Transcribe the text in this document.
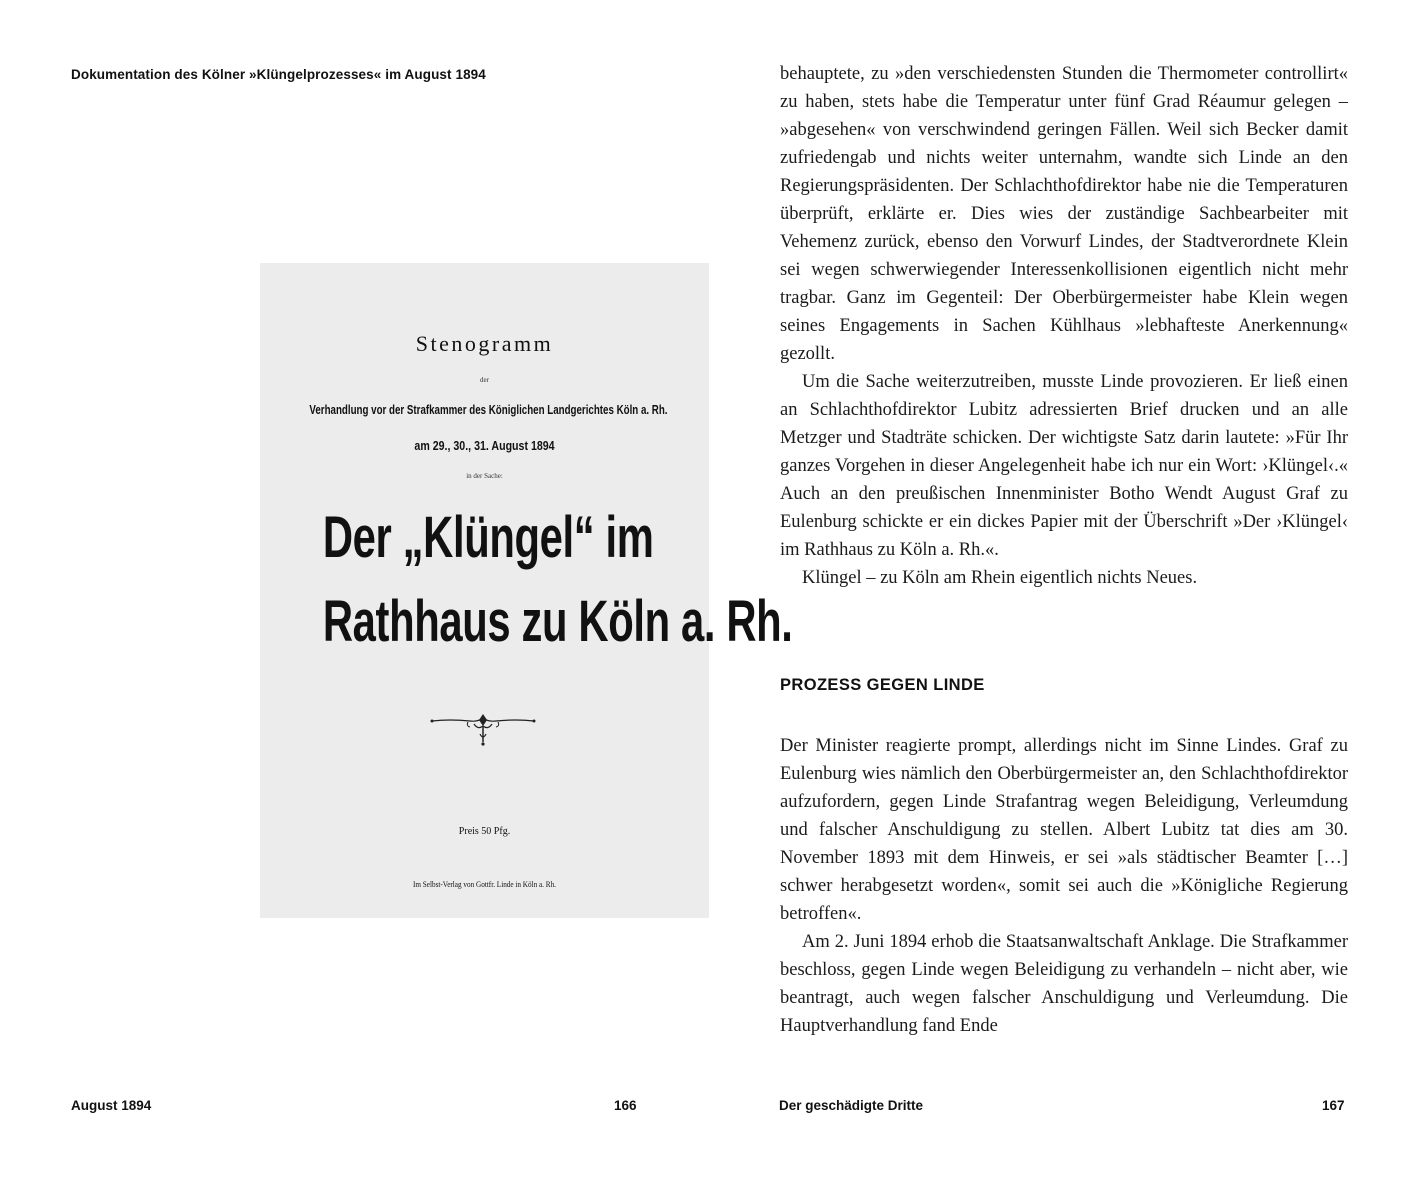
Dokumentation des Kölner »Klüngelprozesses« im August 1894
Stenogramm
der
Verhandlung vor der Strafkammer des Königlichen Landgerichtes Köln a. Rh.
am 29., 30., 31. August 1894
in der Sache:
Der „Klüngel“ im
Rathhaus zu Köln a. Rh.
Preis 50 Pfg.
Im Selbst-Verlag von Gottfr. Linde in Köln a. Rh.
August 1894	166

behauptete, zu »den verschiedensten Stunden die Thermometer controllirt« zu haben, stets habe die Temperatur unter fünf Grad Réaumur gelegen – »abgesehen« von verschwindend geringen Fällen. Weil sich Becker damit zufriedengab und nichts weiter unternahm, wandte sich Linde an den Regierungspräsidenten. Der Schlachthofdirektor habe nie die Temperaturen überprüft, erklärte er. Dies wies der zuständige Sachbearbeiter mit Vehemenz zurück, ebenso den Vorwurf Lindes, der Stadtverordnete Klein sei wegen schwerwiegender Interessenkollisionen eigentlich nicht mehr tragbar. Ganz im Gegenteil: Der Oberbürgermeister habe Klein wegen seines Engagements in Sachen Kühlhaus »lebhafteste Anerkennung« gezollt.

Um die Sache weiterzutreiben, musste Linde provozieren. Er ließ einen an Schlachthofdirektor Lubitz adressierten Brief drucken und an alle Metzger und Stadträte schicken. Der wichtigste Satz darin lautete: »Für Ihr ganzes Vorgehen in dieser Angelegenheit habe ich nur ein Wort: ›Klüngel‹.« Auch an den preußischen Innenminister Botho Wendt August Graf zu Eulenburg schickte er ein dickes Papier mit der Überschrift »Der ›Klüngel‹ im Rathhaus zu Köln a. Rh.«.

Klüngel – zu Köln am Rhein eigentlich nichts Neues.

PROZESS GEGEN LINDE

Der Minister reagierte prompt, allerdings nicht im Sinne Lindes. Graf zu Eulenburg wies nämlich den Oberbürgermeister an, den Schlachthofdirektor aufzufordern, gegen Linde Strafantrag wegen Beleidigung, Verleumdung und falscher Anschuldigung zu stellen. Albert Lubitz tat dies am 30. November 1893 mit dem Hinweis, er sei »als städtischer Beamter […] schwer herabgesetzt worden«, somit sei auch die »Königliche Regierung betroffen«.

Am 2. Juni 1894 erhob die Staatsanwaltschaft Anklage. Die Strafkammer beschloss, gegen Linde wegen Beleidigung zu verhandeln – nicht aber, wie beantragt, auch wegen falscher Anschuldigung und Verleumdung. Die Hauptverhandlung fand Ende

Der geschädigte Dritte	167
